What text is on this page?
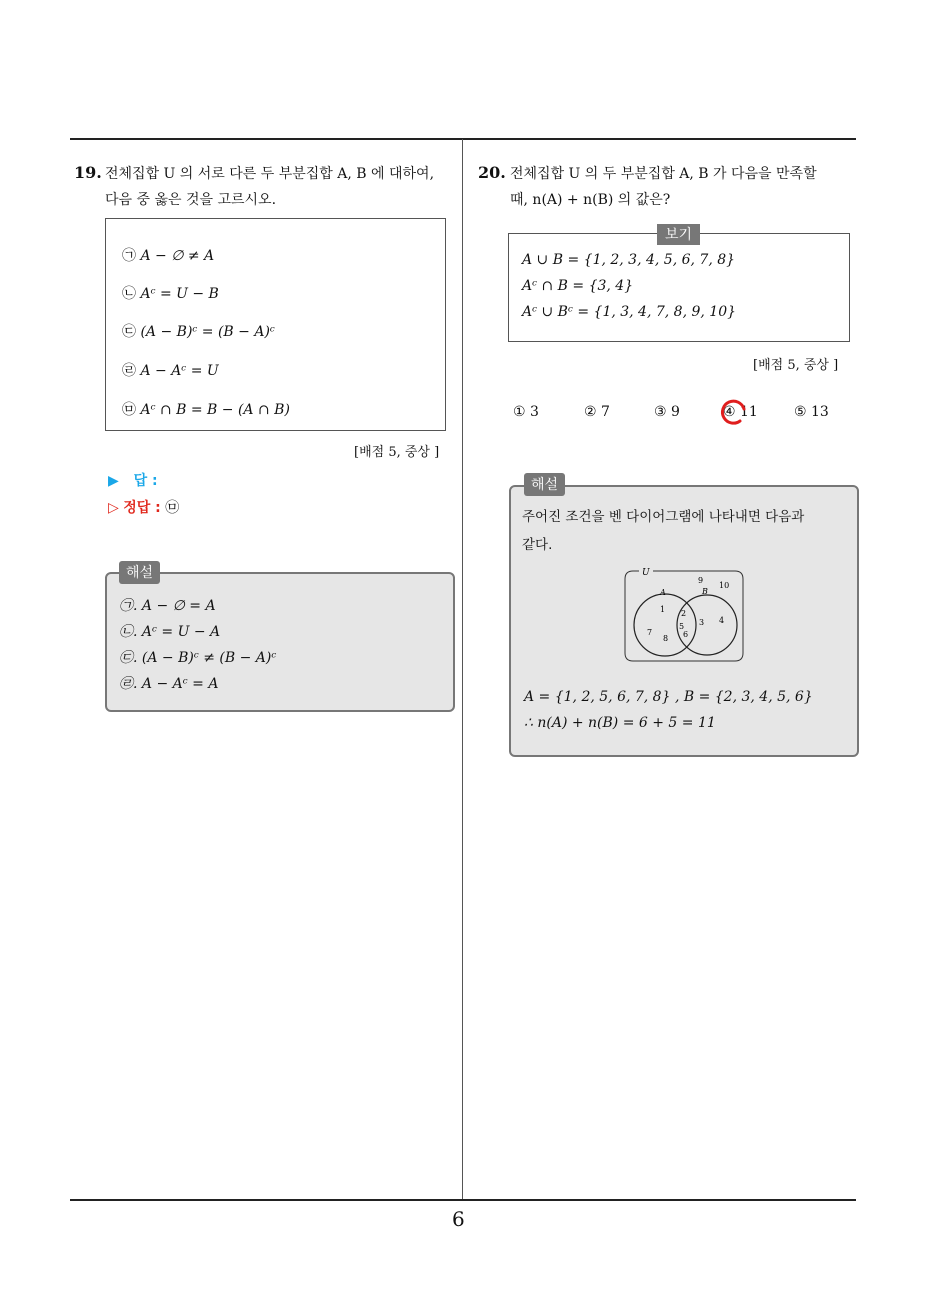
6
19. 전체집합 U 의 서로 다른 두 부분집합 A, B 에 대하여,
다음 중 옳은 것을 고르시오.
㉠ A − ∅ ≠ A
㉡ Aᶜ = U − B
㉢ (A − B)ᶜ = (B − A)ᶜ
㉣ A − Aᶜ = U
㉤ Aᶜ ∩ B = B − (A ∩ B)
[배점 5, 중상 ]
▶ 답 :
▷ 정답 : ㉤
㉠. A − ∅ = A
㉡. Aᶜ = U − A
㉢. (A − B)ᶜ ≠ (B − A)ᶜ
㉣. A − Aᶜ = A
해설
20. 전체집합 U 의 두 부분집합 A, B 가 다음을 만족할
때, n(A) + n(B) 의 값은?
A ∪ B = {1, 2, 3, 4, 5, 6, 7, 8}
Aᶜ ∩ B = {3, 4}
Aᶜ ∪ Bᶜ = {1, 3, 4, 7, 8, 9, 10}
보기
[배점 5, 중상 ]
① 3	② 7	③ 9	④ 11	⑤ 13
주어진 조건을 벤 다이어그램에 나타내면 다음과
같다.
U
A	B
9
10
1
7
8
2
5
6
3 4
A = {1, 2, 5, 6, 7, 8} , B = {2, 3, 4, 5, 6}
∴ n(A) + n(B) = 6 + 5 = 11
해설
